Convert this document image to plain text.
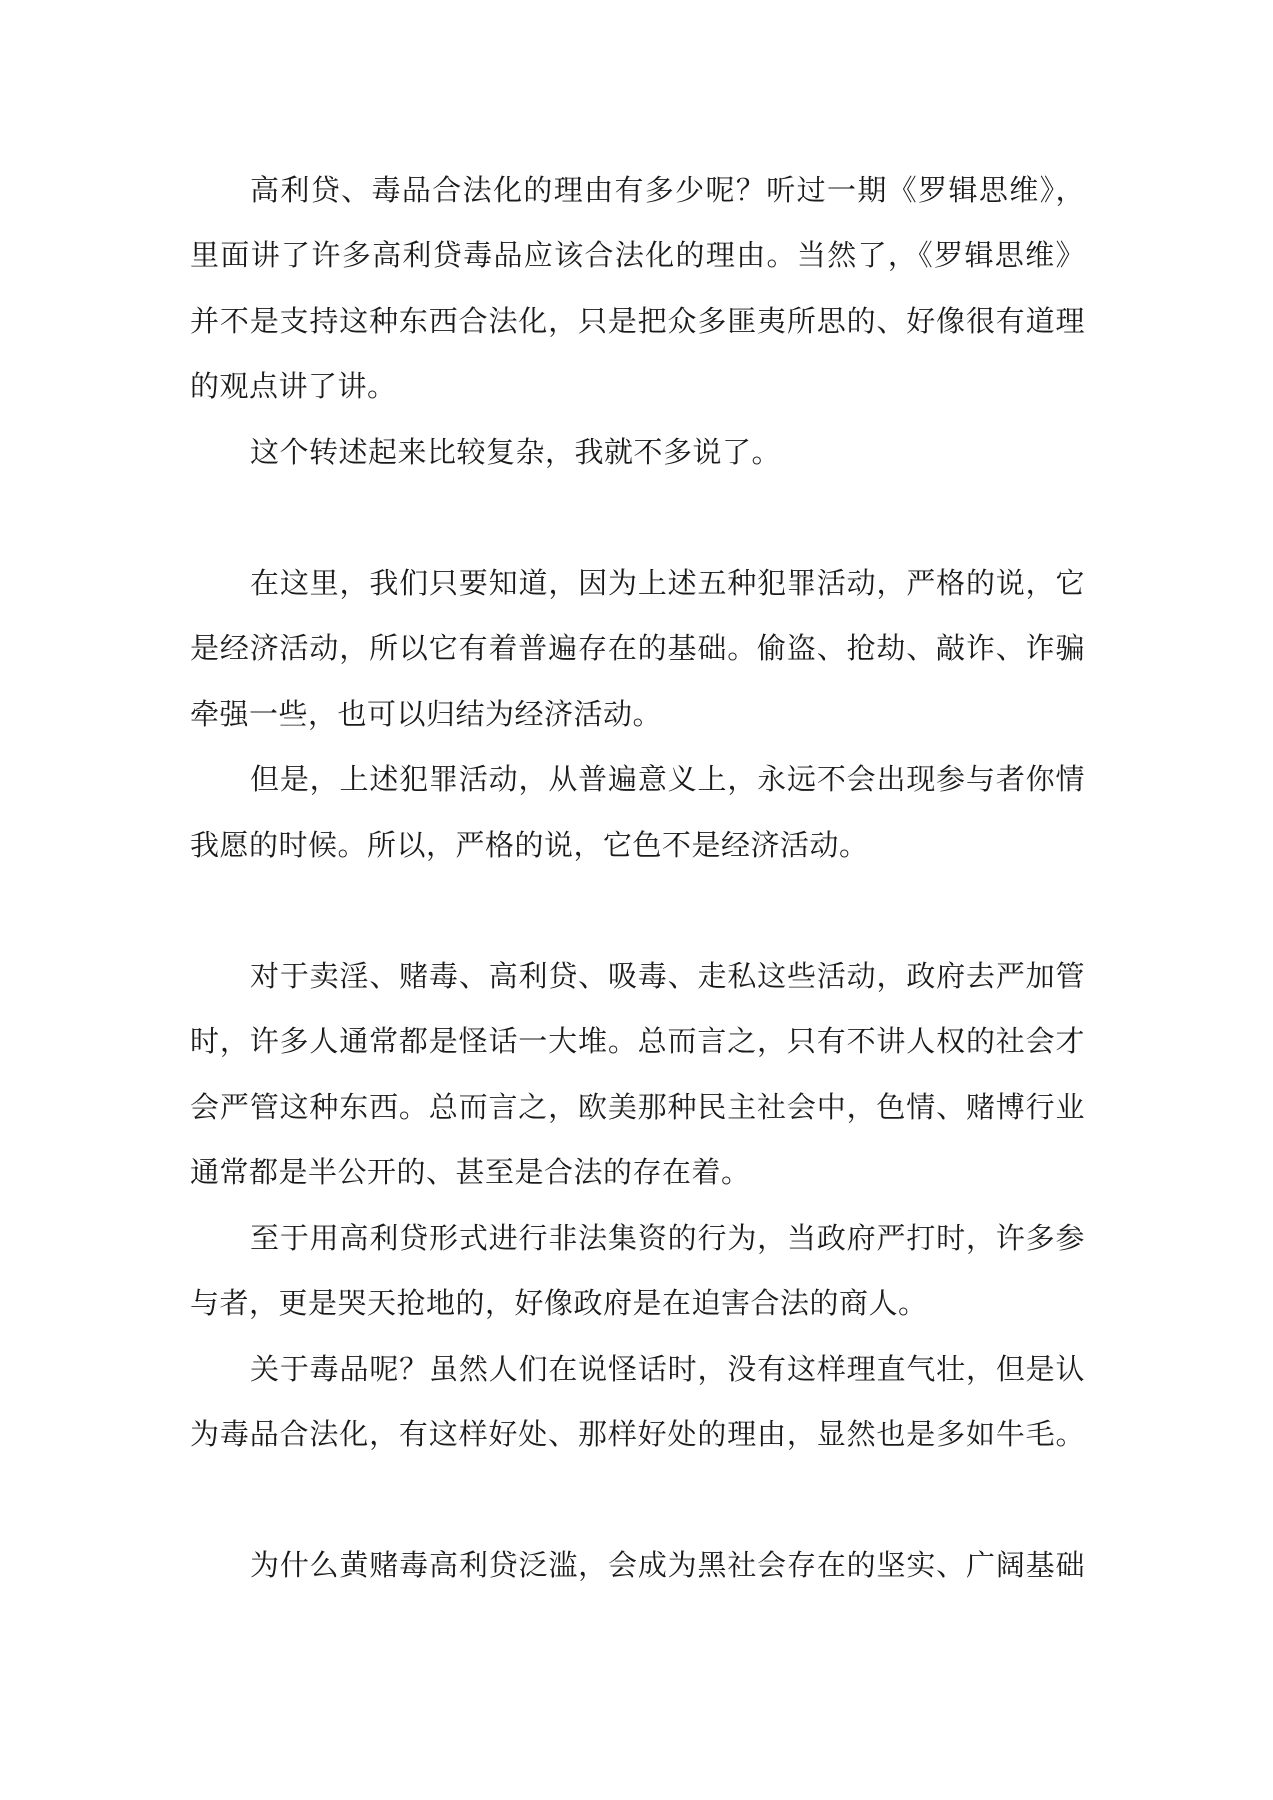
高利贷、毒品合法化的理由有多少呢？听过一期《罗辑思维》，
里面讲了许多高利贷毒品应该合法化的理由。当然了，《罗辑思维》
并不是支持这种东西合法化，只是把众多匪夷所思的、好像很有道理
的观点讲了讲。
这个转述起来比较复杂，我就不多说了。
在这里，我们只要知道，因为上述五种犯罪活动，严格的说，它
是经济活动，所以它有着普遍存在的基础。偷盗、抢劫、敲诈、诈骗
牵强一些，也可以归结为经济活动。
但是，上述犯罪活动，从普遍意义上，永远不会出现参与者你情
我愿的时候。所以，严格的说，它色不是经济活动。
对于卖淫、赌毒、高利贷、吸毒、走私这些活动，政府去严加管
时，许多人通常都是怪话一大堆。总而言之，只有不讲人权的社会才
会严管这种东西。总而言之，欧美那种民主社会中，色情、赌博行业
通常都是半公开的、甚至是合法的存在着。
至于用高利贷形式进行非法集资的行为，当政府严打时，许多参
与者，更是哭天抢地的，好像政府是在迫害合法的商人。
关于毒品呢？虽然人们在说怪话时，没有这样理直气壮，但是认
为毒品合法化，有这样好处、那样好处的理由，显然也是多如牛毛。
为什么黄赌毒高利贷泛滥，会成为黑社会存在的坚实、广阔基础
